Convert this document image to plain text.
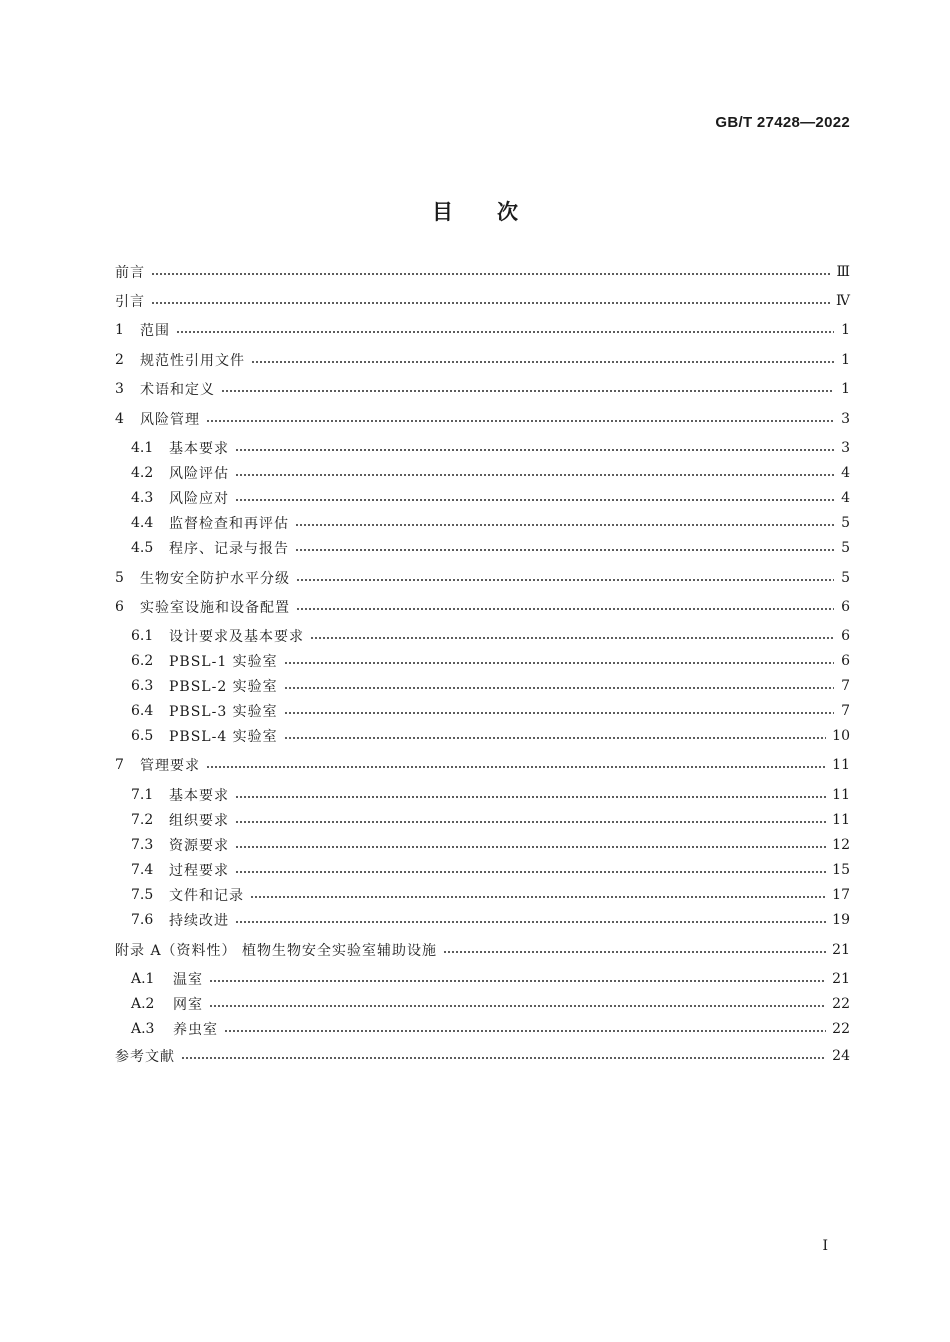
GB/T 27428—2022
目次
前言	Ⅲ
引言	Ⅳ
1	范围	1
2	规范性引用文件	1
3	术语和定义	1
4	风险管理	3
4.1	基本要求	3
4.2	风险评估	4
4.3	风险应对	4
4.4	监督检查和再评估	5
4.5	程序、记录与报告	5
5	生物安全防护水平分级	5
6	实验室设施和设备配置	6
6.1	设计要求及基本要求	6
6.2	PBSL-1 实验室	6
6.3	PBSL-2 实验室	7
6.4	PBSL-3 实验室	7
6.5	PBSL-4 实验室	10
7	管理要求	11
7.1	基本要求	11
7.2	组织要求	11
7.3	资源要求	12
7.4	过程要求	15
7.5	文件和记录	17
7.6	持续改进	19
附录 A（资料性） 植物生物安全实验室辅助设施	21
A.1	温室	21
A.2	网室	22
A.3	养虫室	22
参考文献	24
Ⅰ
